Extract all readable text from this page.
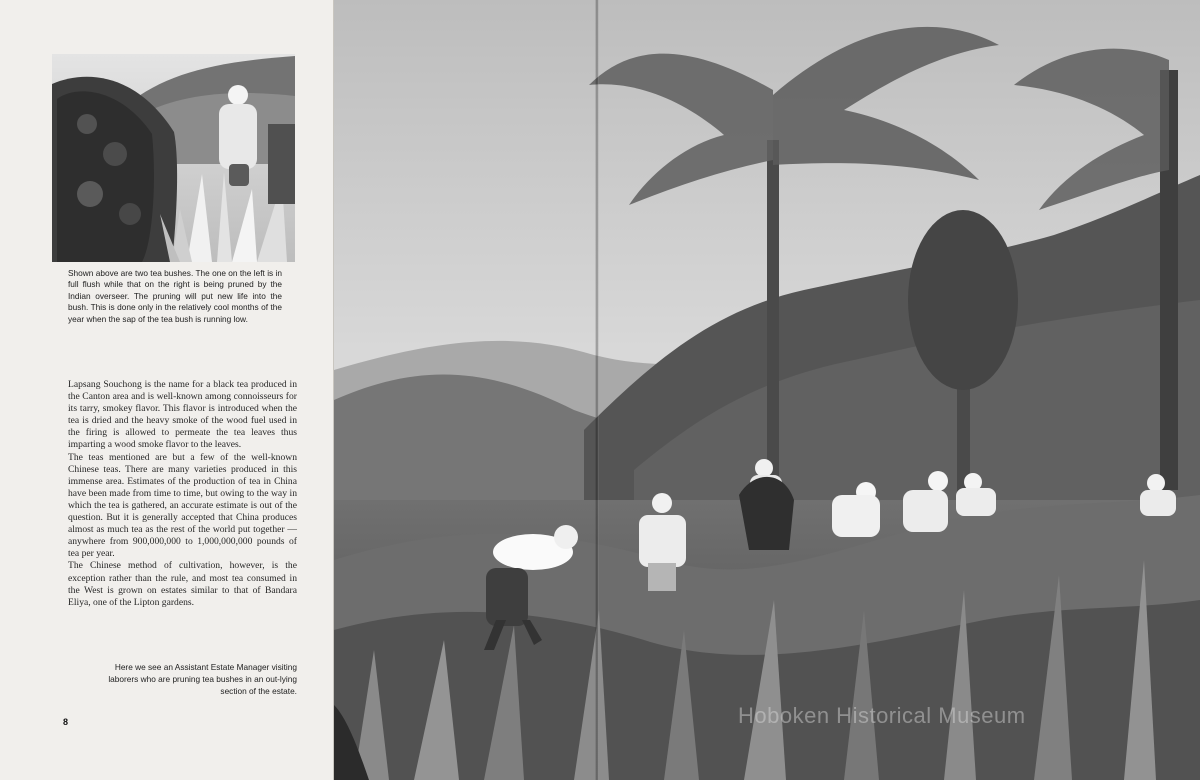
Shown above are two tea bushes. The one on the left is in full flush while that on the right is being pruned by the Indian overseer. The pruning will put new life into the bush. This is done only in the relatively cool months of the year when the sap of the tea bush is running low.

Lapsang Souchong is the name for a black tea produced in the Canton area and is well-known among connoisseurs for its tarry, smokey flavor. This flavor is introduced when the tea is dried and the heavy smoke of the wood fuel used in the firing is allowed to permeate the tea leaves thus imparting a wood smoke flavor to the leaves.

The teas mentioned are but a few of the well-known Chinese teas. There are many varieties produced in this immense area. Estimates of the production of tea in China have been made from time to time, but owing to the way in which the tea is gathered, an accurate estimate is out of the question. But it is generally accepted that China produces almost as much tea as the rest of the world put together — anywhere from 900,000,000 to 1,000,000,000 pounds of tea per year.

The Chinese method of cultivation, however, is the exception rather than the rule, and most tea consumed in the West is grown on estates similar to that of Bandara Eliya, one of the Lipton gardens.

Here we see an Assistant Estate Manager visiting laborers who are pruning tea bushes in an out-lying section of the estate.

8	Hoboken Historical Museum
